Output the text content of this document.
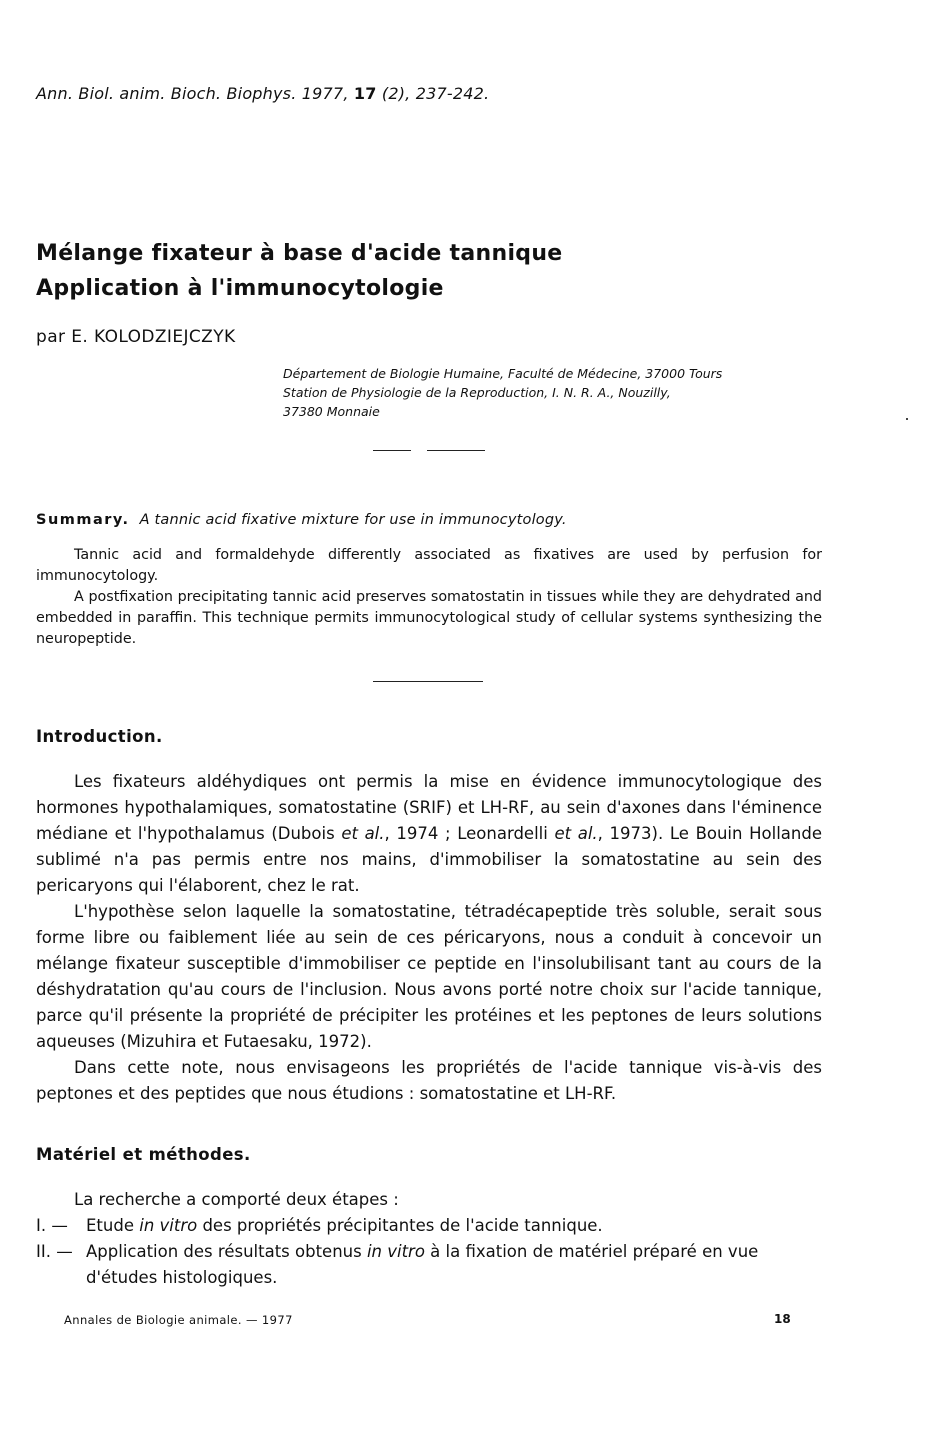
Ann. Biol. anim. Bioch. Biophys. 1977, 17 (2), 237-242.
Mélange fixateur à base d'acide tannique
Application à l'immunocytologie
par E. KOLODZIEJCZYK
Département de Biologie Humaine, Faculté de Médecine, 37000 Tours
Station de Physiologie de la Reproduction, I. N. R. A., Nouzilly,
37380 Monnaie
Summary. A tannic acid fixative mixture for use in immunocytology.

Tannic acid and formaldehyde differently associated as fixatives are used by perfusion for immunocytology.

A postfixation precipitating tannic acid preserves somatostatin in tissues while they are dehydrated and embedded in paraffin. This technique permits immunocytological study of cellular systems synthesizing the neuropeptide.

Introduction.

Les fixateurs aldéhydiques ont permis la mise en évidence immunocytologique des hormones hypothalamiques, somatostatine (SRIF) et LH-RF, au sein d'axones dans l'éminence médiane et l'hypothalamus (Dubois et al., 1974 ; Leonardelli et al., 1973). Le Bouin Hollande sublimé n'a pas permis entre nos mains, d'immobiliser la somatostatine au sein des pericaryons qui l'élaborent, chez le rat.

L'hypothèse selon laquelle la somatostatine, tétradécapeptide très soluble, serait sous forme libre ou faiblement liée au sein de ces péricaryons, nous a conduit à concevoir un mélange fixateur susceptible d'immobiliser ce peptide en l'insolubilisant tant au cours de la déshydratation qu'au cours de l'inclusion. Nous avons porté notre choix sur l'acide tannique, parce qu'il présente la propriété de précipiter les protéines et les peptones de leurs solutions aqueuses (Mizuhira et Futaesaku, 1972).

Dans cette note, nous envisageons les propriétés de l'acide tannique vis-à-vis des peptones et des peptides que nous étudions : somatostatine et LH-RF.

Matériel et méthodes.
La recherche a comporté deux étapes :
I. —	Etude in vitro des propriétés précipitantes de l'acide tannique.
II. — Application des résultats obtenus in vitro à la fixation de matériel préparé en vue d'études histologiques.
Annales de Biologie animale. — 1977	18
